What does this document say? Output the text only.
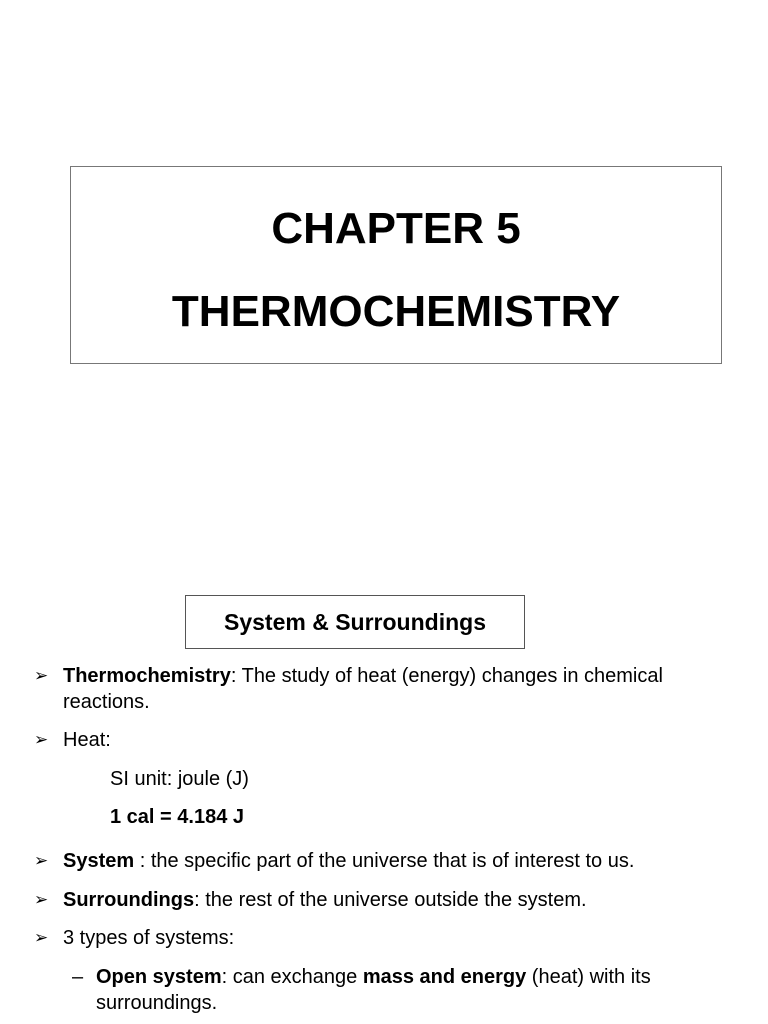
CHAPTER 5
THERMOCHEMISTRY
System & Surroundings
➢ Thermochemistry: The study of heat (energy) changes in chemical
reactions.
➢ Heat:
SI unit: joule (J)
1 cal = 4.184 J
➢ System : the specific part of the universe that is of interest to us.
➢ Surroundings: the rest of the universe outside the system.
➢ 3 types of systems:
– Open system: can exchange mass and energy (heat) with its
surroundings.
